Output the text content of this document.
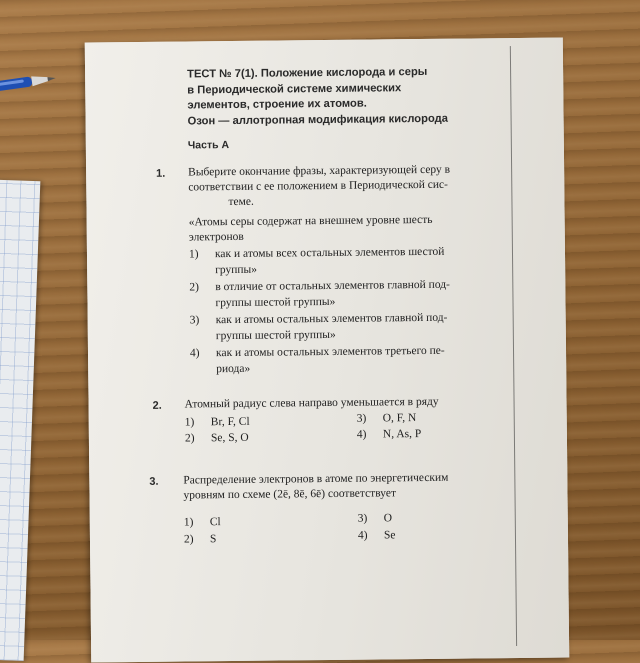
ТЕСТ № 7(1). Положение кислорода и серы
в Периодической системе химических
элементов, строение их атомов.
Озон — аллотропная модификация кислорода
Часть А
1. Выберите окончание фразы, характеризующей серу в
соответствии с ее положением в Периодической сис-
теме.
«Атомы серы содержат на внешнем уровне шесть
электронов
1)	как и атомы всех остальных элементов шестой
группы»
2)	в отличие от остальных элементов главной под-
группы шестой группы»
3)	как и атомы остальных элементов главной под-
группы шестой группы»
4)	как и атомы остальных элементов третьего пе-
риода»
2. Атомный радиус слева направо уменьшается в ряду
1) Br, F, Cl
2) Se, S, O
3) O, F, N
4) N, As, P
3. Распределение электронов в атоме по энергетическим
уровням по схеме (2ē, 8ē, 6ē) соответствует
1) Cl
2) S
3) O
4) Se
